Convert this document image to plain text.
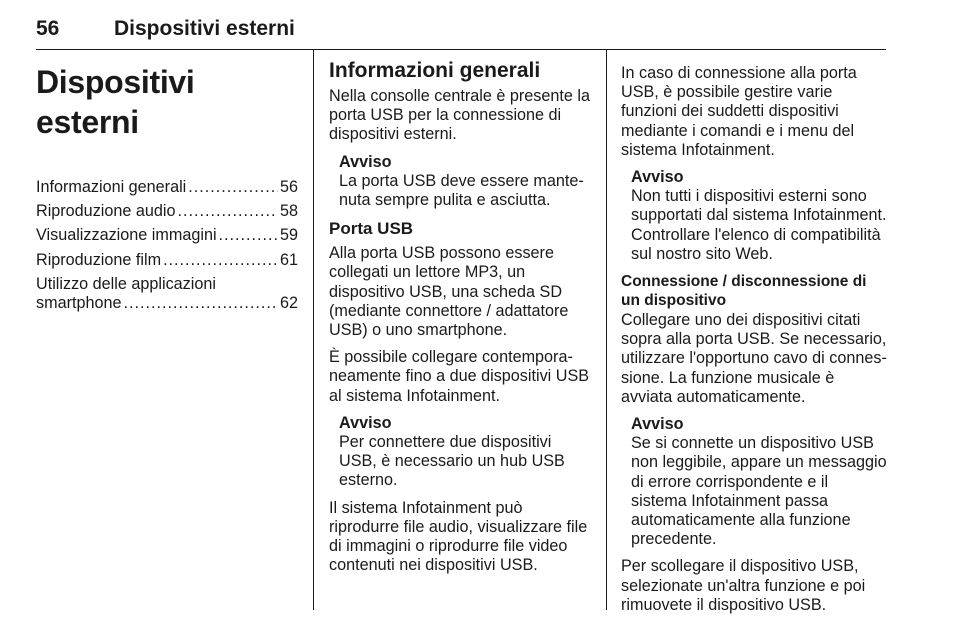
56	Dispositivi esterni
Dispositivi esterni
Informazioni generali .....	56
Riproduzione audio .....	58
Visualizzazione immagini .....	59
Riproduzione film .....	61
Utilizzo delle applicazioni
smartphone .....	62
Informazioni generali

Nella consolle centrale è presente la porta USB per la connessione di dispositivi esterni.

Avviso
La porta USB deve essere mantenuta sempre pulita e asciutta.
Porta USB

Alla porta USB possono essere collegati un lettore MP3, un dispositivo USB, una scheda SD (mediante connettore / adattatore USB) o uno smartphone.

È possibile collegare contemporaneamente fino a due dispositivi USB al sistema Infotainment.

Avviso
Per connettere due dispositivi USB, è necessario un hub USB esterno.

Il sistema Infotainment può riprodurre file audio, visualizzare file di immagini o riprodurre file video contenuti nei dispositivi USB.

In caso di connessione alla porta USB, è possibile gestire varie funzioni dei suddetti dispositivi mediante i comandi e i menu del sistema Infotainment.

Avviso
Non tutti i dispositivi esterni sono supportati dal sistema Infotainment. Controllare l'elenco di compatibilità sul nostro sito Web.
Connessione / disconnessione di un dispositivo

Collegare uno dei dispositivi citati sopra alla porta USB. Se necessario, utilizzare l'opportuno cavo di connessione. La funzione musicale è avviata automaticamente.

Avviso
Se si connette un dispositivo USB non leggibile, appare un messaggio di errore corrispondente e il sistema Infotainment passa automaticamente alla funzione precedente.

Per scollegare il dispositivo USB, selezionate un'altra funzione e poi rimuovete il dispositivo USB.
